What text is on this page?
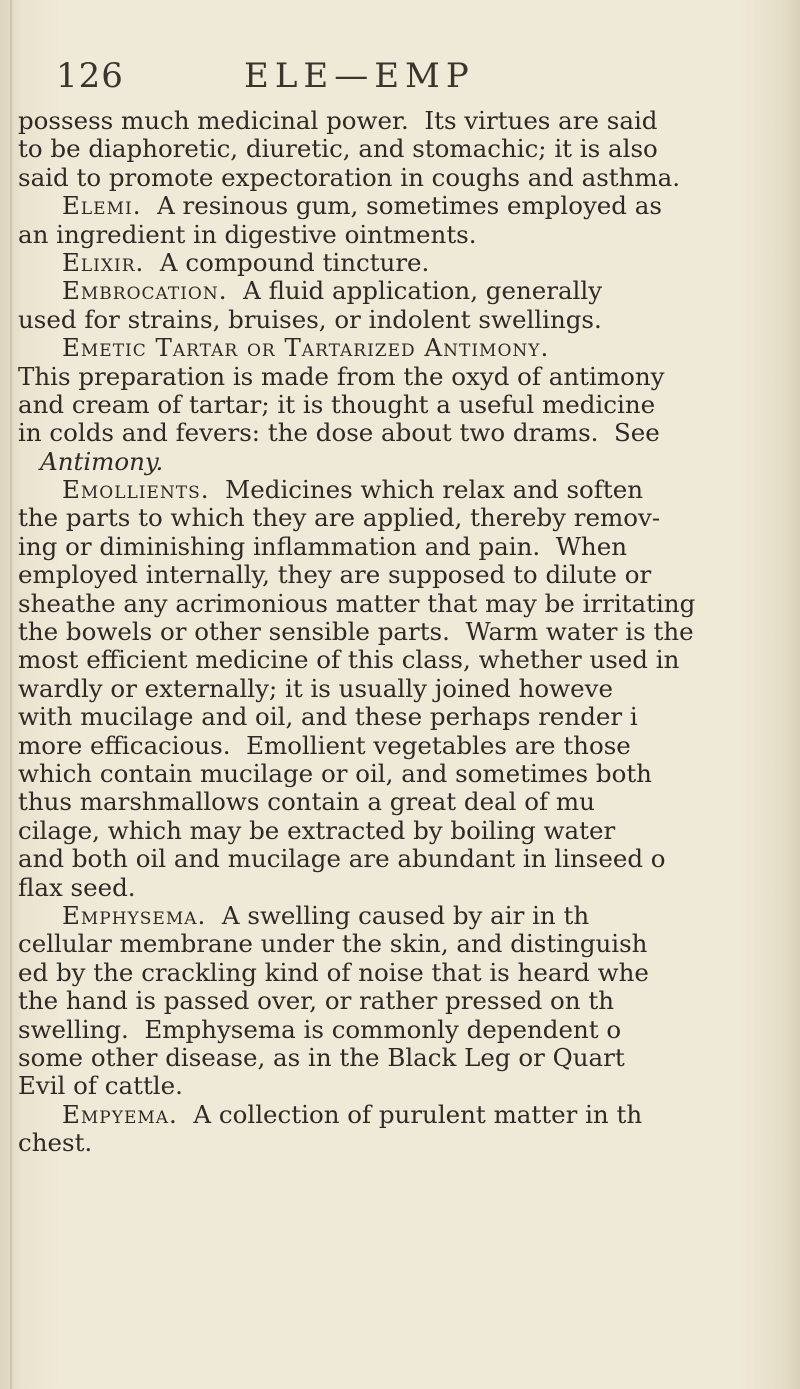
126	ELE—EMP
possess much medicinal power.  Its virtues are said
to be diaphoretic, diuretic, and stomachic; it is also
said to promote expectoration in coughs and asthma.
Elemi.  A resinous gum, sometimes employed as
an ingredient in digestive ointments.
Elixir.  A compound tincture.
Embrocation.  A fluid application, generally
used for strains, bruises, or indolent swellings.
Emetic Tartar or Tartarized Antimony.
This preparation is made from the oxyd of antimony
and cream of tartar; it is thought a useful medicine
in colds and fevers: the dose about two drams.  See
Antimony.
Emollients.  Medicines which relax and soften
the parts to which they are applied, thereby remov-
ing or diminishing inflammation and pain.  When
employed internally, they are supposed to dilute or
sheathe any acrimonious matter that may be irritating
the bowels or other sensible parts.  Warm water is the
most efficient medicine of this class, whether used in
wardly or externally; it is usually joined howeve
with mucilage and oil, and these perhaps render i
more efficacious.  Emollient vegetables are those
which contain mucilage or oil, and sometimes both
thus marshmallows contain a great deal of mu
cilage, which may be extracted by boiling water
and both oil and mucilage are abundant in linseed o
flax seed.
Emphysema.  A swelling caused by air in th
cellular membrane under the skin, and distinguish
ed by the crackling kind of noise that is heard whe
the hand is passed over, or rather pressed on th
swelling.  Emphysema is commonly dependent o
some other disease, as in the Black Leg or Quart
Evil of cattle.
Empyema.  A collection of purulent matter in th
chest.
